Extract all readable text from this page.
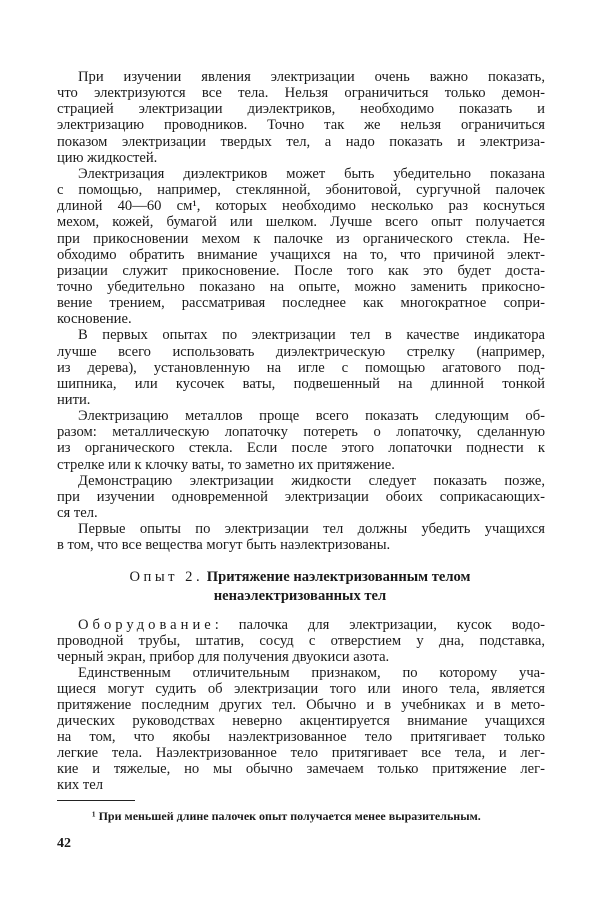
При изучении явления электризации очень важно показать,
что электризуются все тела. Нельзя ограничиться только демон-
страцией электризации диэлектриков, необходимо показать и
электризацию проводников. Точно так же нельзя ограничиться
показом электризации твердых тел, а надо показать и электриза-
цию жидкостей.
Электризация диэлектриков может быть убедительно показана
с помощью, например, стеклянной, эбонитовой, сургучной палочек
длиной 40—60 см¹, которых необходимо несколько раз коснуться
мехом, кожей, бумагой или шелком. Лучше всего опыт получается
при прикосновении мехом к палочке из органического стекла. Не-
обходимо обратить внимание учащихся на то, что причиной элект-
ризации служит прикосновение. После того как это будет доста-
точно убедительно показано на опыте, можно заменить прикосно-
вение трением, рассматривая последнее как многократное сопри-
косновение.
В первых опытах по электризации тел в качестве индикатора
лучше всего использовать диэлектрическую стрелку (например,
из дерева), установленную на игле с помощью агатового под-
шипника, или кусочек ваты, подвешенный на длинной тонкой
нити.
Электризацию металлов проще всего показать следующим об-
разом: металлическую лопаточку потереть о лопаточку, сделанную
из органического стекла. Если после этого лопаточки поднести к
стрелке или к клочку ваты, то заметно их притяжение.
Демонстрацию электризации жидкости следует показать позже,
при изучении одновременной электризации обоих соприкасающих-
ся тел.
Первые опыты по электризации тел должны убедить учащихся
в том, что все вещества могут быть наэлектризованы.
Опыт 2. Притяжение наэлектризованным телом
ненаэлектризованных тел
Оборудование: палочка для электризации, кусок водо-
проводной трубы, штатив, сосуд с отверстием у дна, подставка,
черный экран, прибор для получения двуокиси азота.
Единственным отличительным признаком, по которому уча-
щиеся могут судить об электризации того или иного тела, является
притяжение последним других тел. Обычно и в учебниках и в мето-
дических руководствах неверно акцентируется внимание учащихся
на том, что якобы наэлектризованное тело притягивает только
легкие тела. Наэлектризованное тело притягивает все тела, и лег-
кие и тяжелые, но мы обычно замечаем только притяжение лег-
ких тел
¹ При меньшей длине палочек опыт получается менее выразительным.
42
